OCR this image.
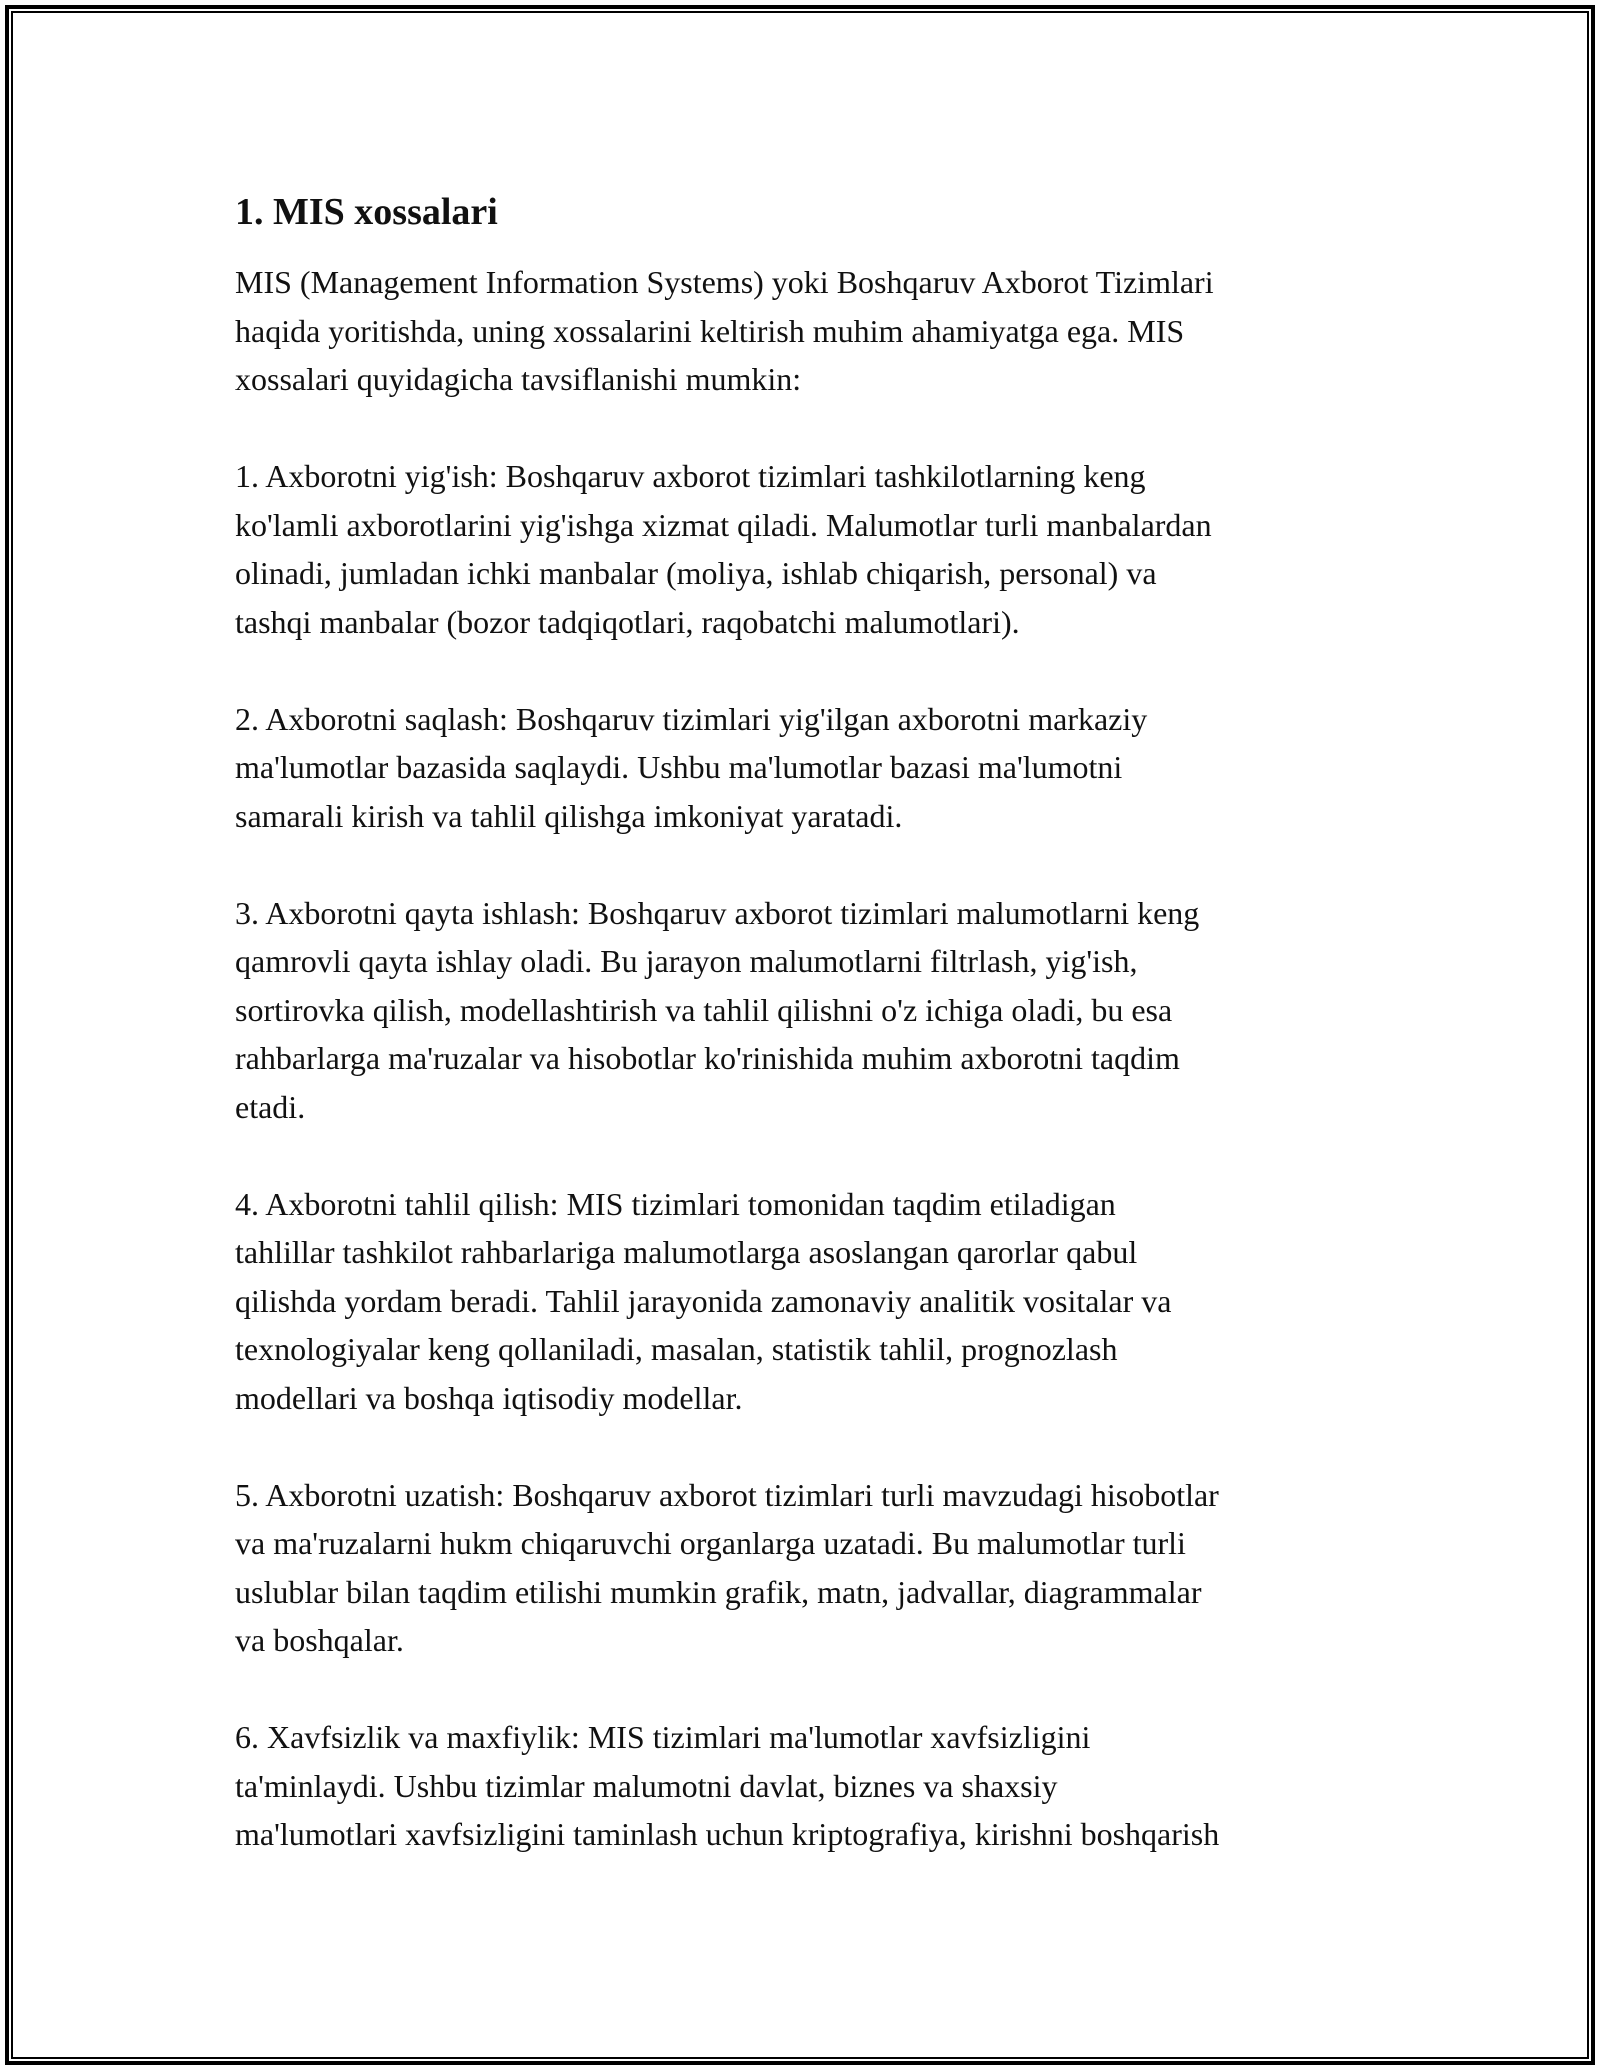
1. MIS xossalari

MIS (Management Information Systems) yoki Boshqaruv Axborot Tizimlari
haqida yoritishda, uning xossalarini keltirish muhim ahamiyatga ega. MIS
xossalari quyidagicha tavsiflanishi mumkin:

1. Axborotni yig'ish: Boshqaruv axborot tizimlari tashkilotlarning keng
ko'lamli axborotlarini yig'ishga xizmat qiladi. Malumotlar turli manbalardan
olinadi, jumladan ichki manbalar (moliya, ishlab chiqarish, personal) va
tashqi manbalar (bozor tadqiqotlari, raqobatchi malumotlari).

2. Axborotni saqlash: Boshqaruv tizimlari yig'ilgan axborotni markaziy
ma'lumotlar bazasida saqlaydi. Ushbu ma'lumotlar bazasi ma'lumotni
samarali kirish va tahlil qilishga imkoniyat yaratadi.

3. Axborotni qayta ishlash: Boshqaruv axborot tizimlari malumotlarni keng
qamrovli qayta ishlay oladi. Bu jarayon malumotlarni filtrlash, yig'ish,
sortirovka qilish, modellashtirish va tahlil qilishni o'z ichiga oladi, bu esa
rahbarlarga ma'ruzalar va hisobotlar ko'rinishida muhim axborotni taqdim
etadi.

4. Axborotni tahlil qilish: MIS tizimlari tomonidan taqdim etiladigan
tahlillar tashkilot rahbarlariga malumotlarga asoslangan qarorlar qabul
qilishda yordam beradi. Tahlil jarayonida zamonaviy analitik vositalar va
texnologiyalar keng qollaniladi, masalan, statistik tahlil, prognozlash
modellari va boshqa iqtisodiy modellar.

5. Axborotni uzatish: Boshqaruv axborot tizimlari turli mavzudagi hisobotlar
va ma'ruzalarni hukm chiqaruvchi organlarga uzatadi. Bu malumotlar turli
uslublar bilan taqdim etilishi mumkin grafik, matn, jadvallar, diagrammalar
va boshqalar.

6. Xavfsizlik va maxfiylik: MIS tizimlari ma'lumotlar xavfsizligini
ta'minlaydi. Ushbu tizimlar malumotni davlat, biznes va shaxsiy
ma'lumotlari xavfsizligini taminlash uchun kriptografiya, kirishni boshqarish
